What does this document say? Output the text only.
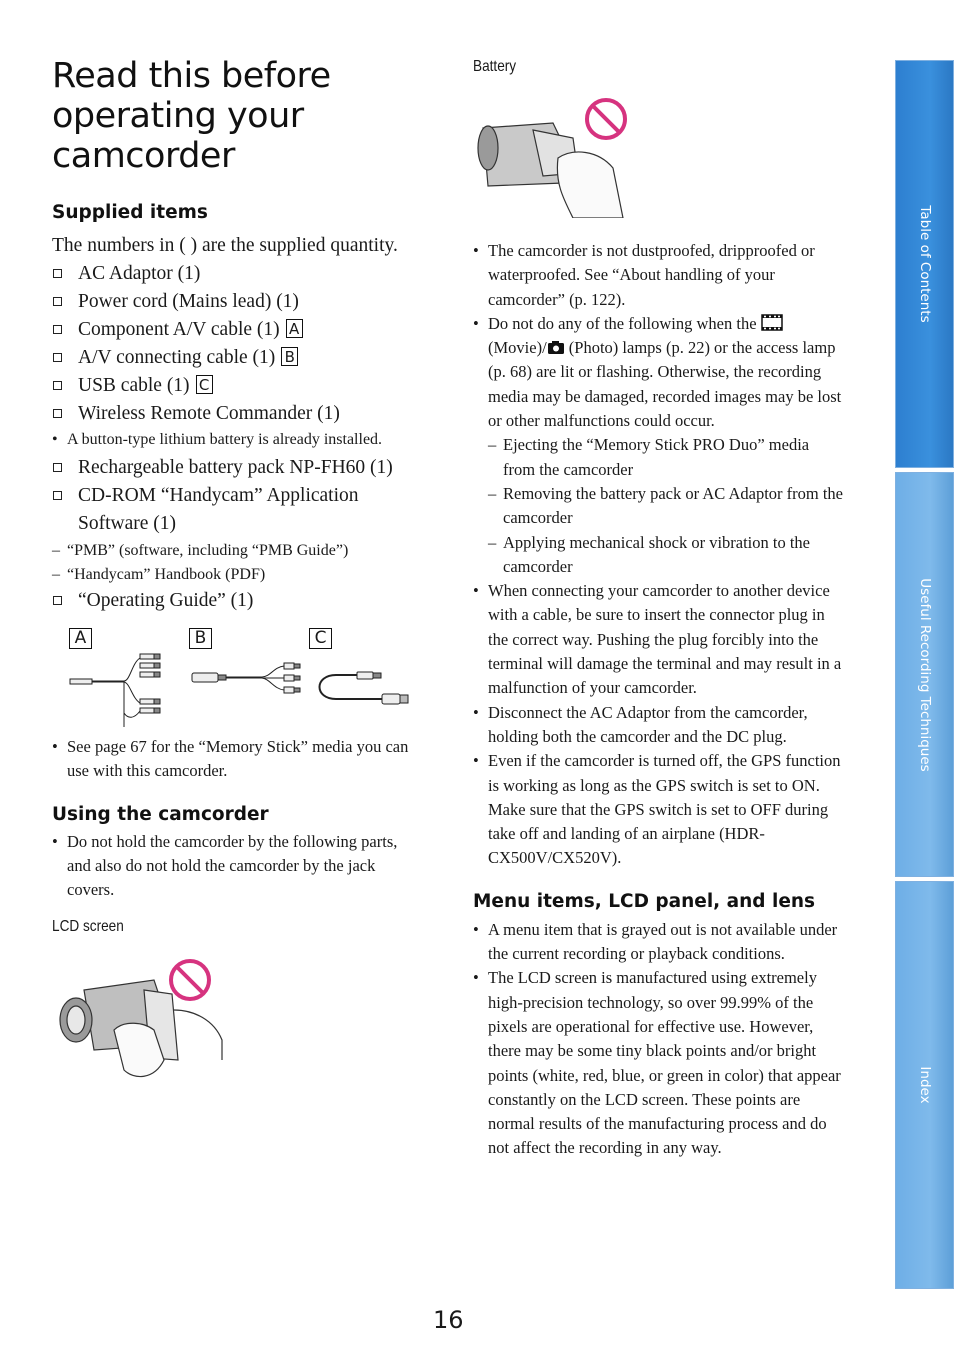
Read this before
operating your
camcorder
Supplied items

The numbers in ( ) are the supplied quantity.

AC Adaptor (1)
Power cord (Mains lead) (1)
Component A/V cable (1) A
A/V connecting cable (1) B
USB cable (1) C
Wireless Remote Commander (1)

• A button-type lithium battery is already installed.

Rechargeable battery pack NP-FH60 (1)
CD-ROM “Handycam” Application Software (1)

– “PMB” (software, including “PMB Guide”)

– “Handycam” Handbook (PDF)

“Operating Guide” (1)
A	B	C

• See page 67 for the “Memory Stick” media you can use with this camcorder.

Using the camcorder

• Do not hold the camcorder by the following parts, and also do not hold the camcorder by the jack covers.

LCD screen

Battery

• The camcorder is not dustproofed, dripproofed or waterproofed. See “About handling of your camcorder” (p. 122).

• Do not do any of the following when the  (Movie)/ (Photo) lamps (p. 22) or the access lamp (p. 68) are lit or flashing. Otherwise, the recording media may be damaged, recorded images may be lost or other malfunctions could occur.

– Ejecting the “Memory Stick PRO Duo” media from the camcorder

– Removing the battery pack or AC Adaptor from the camcorder

– Applying mechanical shock or vibration to the camcorder

• When connecting your camcorder to another device with a cable, be sure to insert the connector plug in the correct way. Pushing the plug forcibly into the terminal will damage the terminal and may result in a malfunction of your camcorder.

• Disconnect the AC Adaptor from the camcorder, holding both the camcorder and the DC plug.

• Even if the camcorder is turned off, the GPS function is working as long as the GPS switch is set to ON. Make sure that the GPS switch is set to OFF during take off and landing of an airplane (HDR-CX500V/CX520V).

Menu items, LCD panel, and lens

• A menu item that is grayed out is not available under the current recording or playback conditions.

• The LCD screen is manufactured using extremely high-precision technology, so over 99.99% of the pixels are operational for effective use. However, there may be some tiny black points and/or bright points (white, red, blue, or green in color) that appear constantly on the LCD screen. These points are normal results of the manufacturing process and do not affect the recording in any way.

Table of Contents
Useful Recording Techniques
Index
16
